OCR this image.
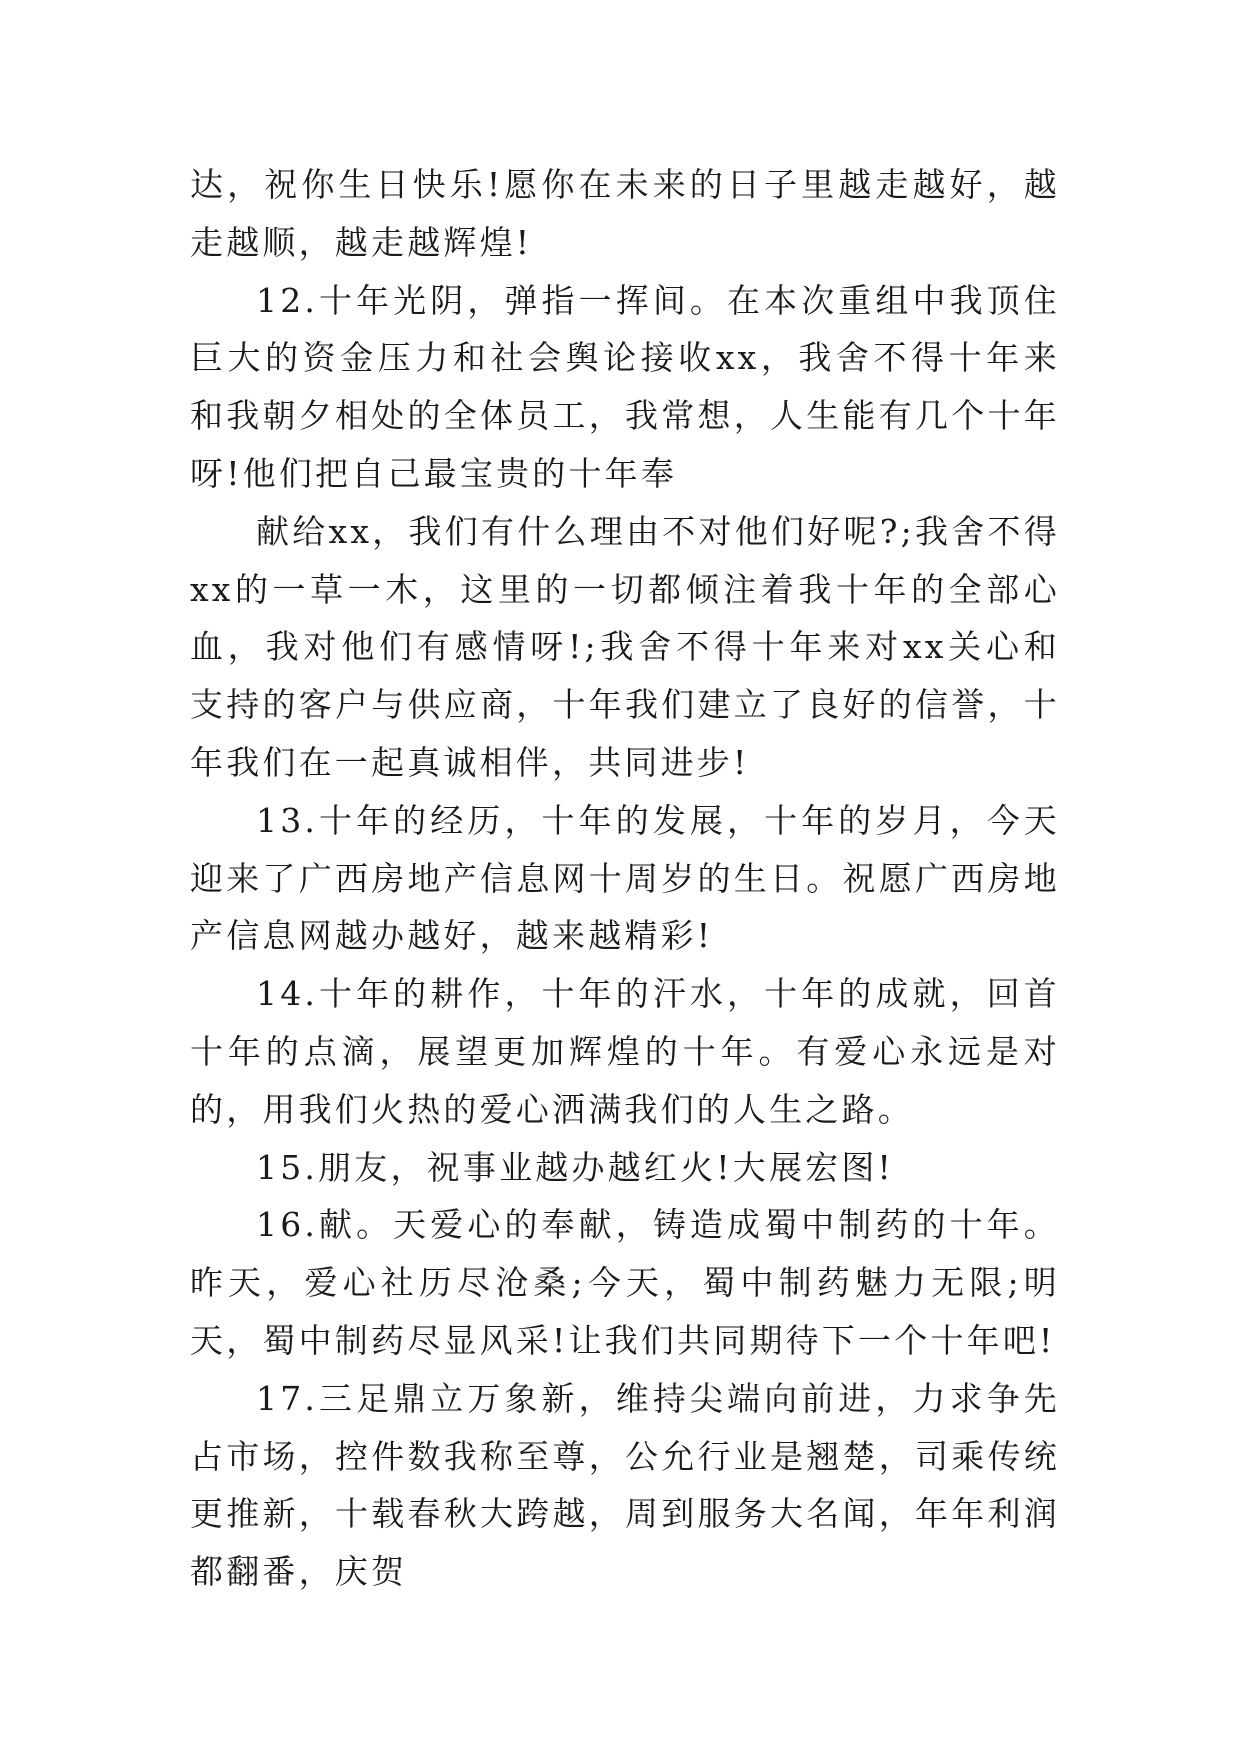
达，祝你生日快乐!愿你在未来的日子里越走越好，越走越顺，越走越辉煌!

12.十年光阴，弹指一挥间。在本次重组中我顶住巨大的资金压力和社会舆论接收xx，我舍不得十年来和我朝夕相处的全体员工，我常想，人生能有几个十年呀!他们把自己最宝贵的十年奉

献给xx，我们有什么理由不对他们好呢?;我舍不得xx的一草一木，这里的一切都倾注着我十年的全部心血，我对他们有感情呀!;我舍不得十年来对xx关心和支持的客户与供应商，十年我们建立了良好的信誉，十年我们在一起真诚相伴，共同进步!

13.十年的经历，十年的发展，十年的岁月，今天迎来了广西房地产信息网十周岁的生日。祝愿广西房地产信息网越办越好，越来越精彩!

14.十年的耕作，十年的汗水，十年的成就，回首十年的点滴，展望更加辉煌的十年。有爱心永远是对的，用我们火热的爱心洒满我们的人生之路。

15.朋友，祝事业越办越红火!大展宏图!

16.献。天爱心的奉献，铸造成蜀中制药的十年。昨天，爱心社历尽沧桑;今天，蜀中制药魅力无限;明天，蜀中制药尽显风采!让我们共同期待下一个十年吧!

17.三足鼎立万象新，维持尖端向前进，力求争先占市场，控件数我称至尊，公允行业是翘楚，司乘传统更推新，十载春秋大跨越，周到服务大名闻，年年利润都翻番，庆贺
